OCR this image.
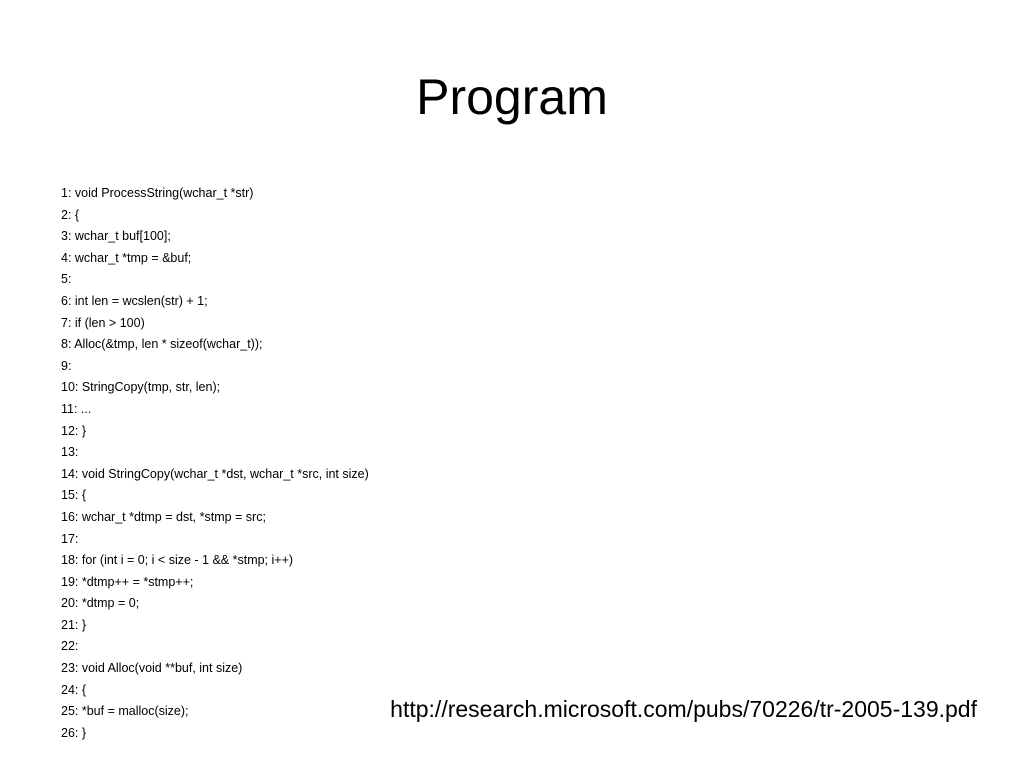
Program
1: void ProcessString(wchar_t *str)
2: {
3: wchar_t buf[100];
4: wchar_t *tmp = &buf;
5:
6: int len = wcslen(str) + 1;
7: if (len > 100)
8: Alloc(&tmp, len * sizeof(wchar_t));
9:
10: StringCopy(tmp, str, len);
11: ...
12: }
13:
14: void StringCopy(wchar_t *dst, wchar_t *src, int size)
15: {
16: wchar_t *dtmp = dst, *stmp = src;
17:
18: for (int i = 0; i < size - 1 && *stmp; i++)
19: *dtmp++ = *stmp++;
20: *dtmp = 0;
21: }
22:
23: void Alloc(void **buf, int size)
24: {
25: *buf = malloc(size);
26: }
http://research.microsoft.com/pubs/70226/tr-2005-139.pdf
